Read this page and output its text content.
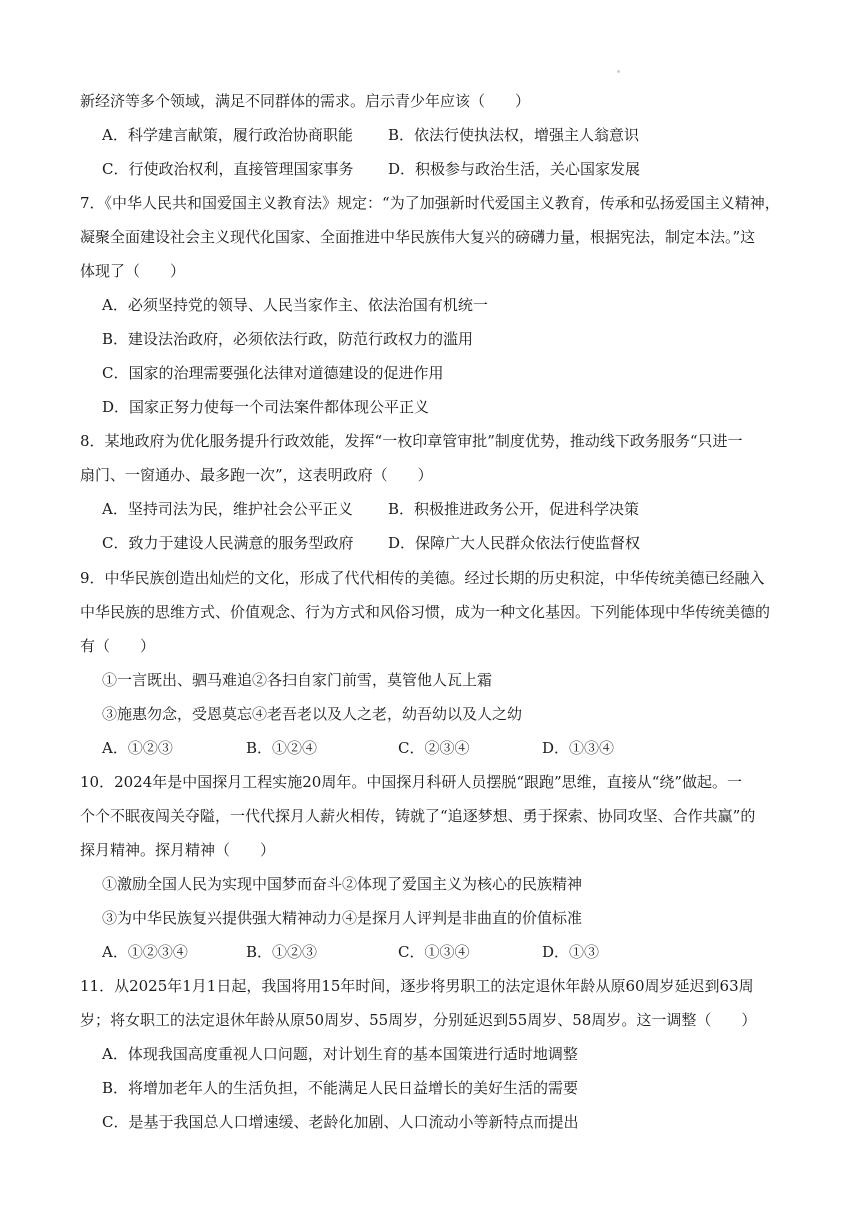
新经济等多个领域，满足不同群体的需求。启示青少年应该（　　）
A．科学建言献策，履行政治协商职能 B．依法行使执法权，增强主人翁意识
C．行使政治权利，直接管理国家事务 D．积极参与政治生活，关心国家发展
7．《中华人民共和国爱国主义教育法》规定：“为了加强新时代爱国主义教育，传承和弘扬爱国主义精神，
凝聚全面建设社会主义现代化国家、全面推进中华民族伟大复兴的磅礴力量，根据宪法，制定本法。”这
体现了（　　）
A．必须坚持党的领导、人民当家作主、依法治国有机统一
B．建设法治政府，必须依法行政，防范行政权力的滥用
C．国家的治理需要强化法律对道德建设的促进作用
D．国家正努力使每一个司法案件都体现公平正义
8．某地政府为优化服务提升行政效能，发挥“一枚印章管审批”制度优势，推动线下政务服务“只进一
扇门、一窗通办、最多跑一次”，这表明政府（　　）
A．坚持司法为民，维护社会公平正义 B．积极推进政务公开，促进科学决策
C．致力于建设人民满意的服务型政府 D．保障广大人民群众依法行使监督权
9．中华民族创造出灿烂的文化，形成了代代相传的美德。经过长期的历史积淀，中华传统美德已经融入
中华民族的思维方式、价值观念、行为方式和风俗习惯，成为一种文化基因。下列能体现中华传统美德的
有（　　）
①一言既出、驷马难追②各扫自家门前雪，莫管他人瓦上霜
③施惠勿念，受恩莫忘④老吾老以及人之老，幼吾幼以及人之幼
A．①②③	B．①②④	C．②③④	D．①③④
10．2024年是中国探月工程实施20周年。中国探月科研人员摆脱“跟跑”思维，直接从“绕”做起。一
个个不眠夜闯关夺隘，一代代探月人薪火相传，铸就了“追逐梦想、勇于探索、协同攻坚、合作共赢”的
探月精神。探月精神（　　）
①激励全国人民为实现中国梦而奋斗②体现了爱国主义为核心的民族精神
③为中华民族复兴提供强大精神动力④是探月人评判是非曲直的价值标准
A．①②③④	B．①②③	C．①③④	D．①③
11．从2025年1月1日起，我国将用15年时间，逐步将男职工的法定退休年龄从原60周岁延迟到63周
岁；将女职工的法定退休年龄从原50周岁、55周岁，分别延迟到55周岁、58周岁。这一调整（　　）
A．体现我国高度重视人口问题，对计划生育的基本国策进行适时地调整
B．将增加老年人的生活负担，不能满足人民日益增长的美好生活的需要
C．是基于我国总人口增速缓、老龄化加剧、人口流动小等新特点而提出
